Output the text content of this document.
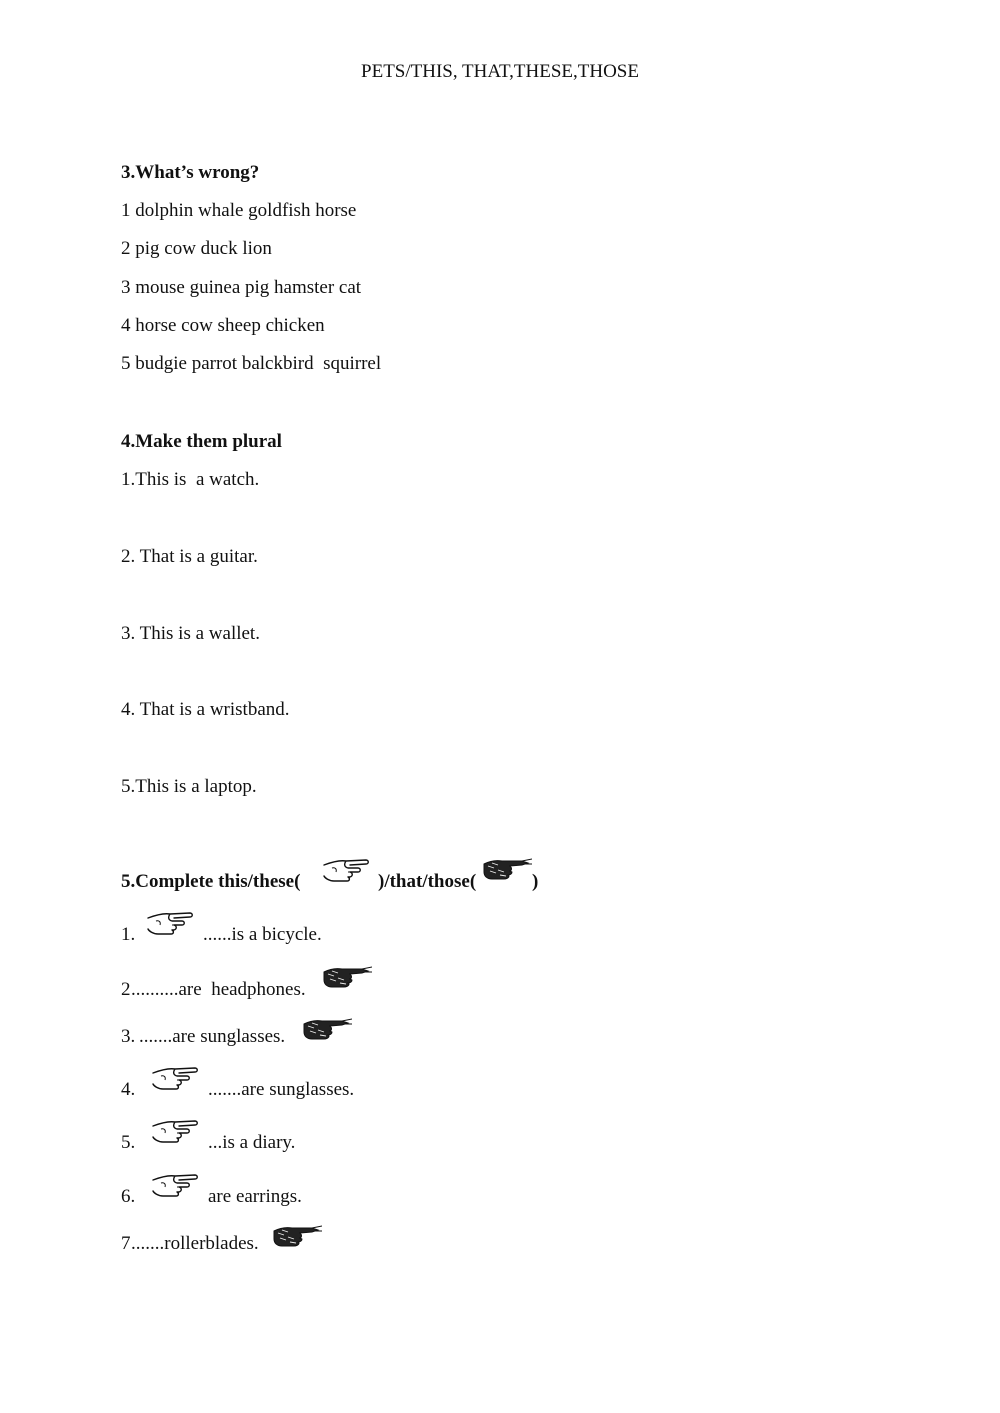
PETS/THIS, THAT,THESE,THOSE
3.What’s wrong?
1 dolphin whale goldfish horse
2 pig cow duck lion
3 mouse guinea pig hamster cat
4 horse cow sheep chicken
5 budgie parrot balckbird  squirrel
4.Make them plural
1.This is  a watch.
2. That is a guitar.
3. This is a wallet.
4. That is a wristband.
5.This is a laptop.
5.Complete this/these(	)/that/those(	)
1.	......is a bicycle.
2 ..........are  headphones.
3. .......are sunglasses.
4.	.......are sunglasses.
5.	...is a diary.
6.	are earrings.
7 .......rollerblades.
